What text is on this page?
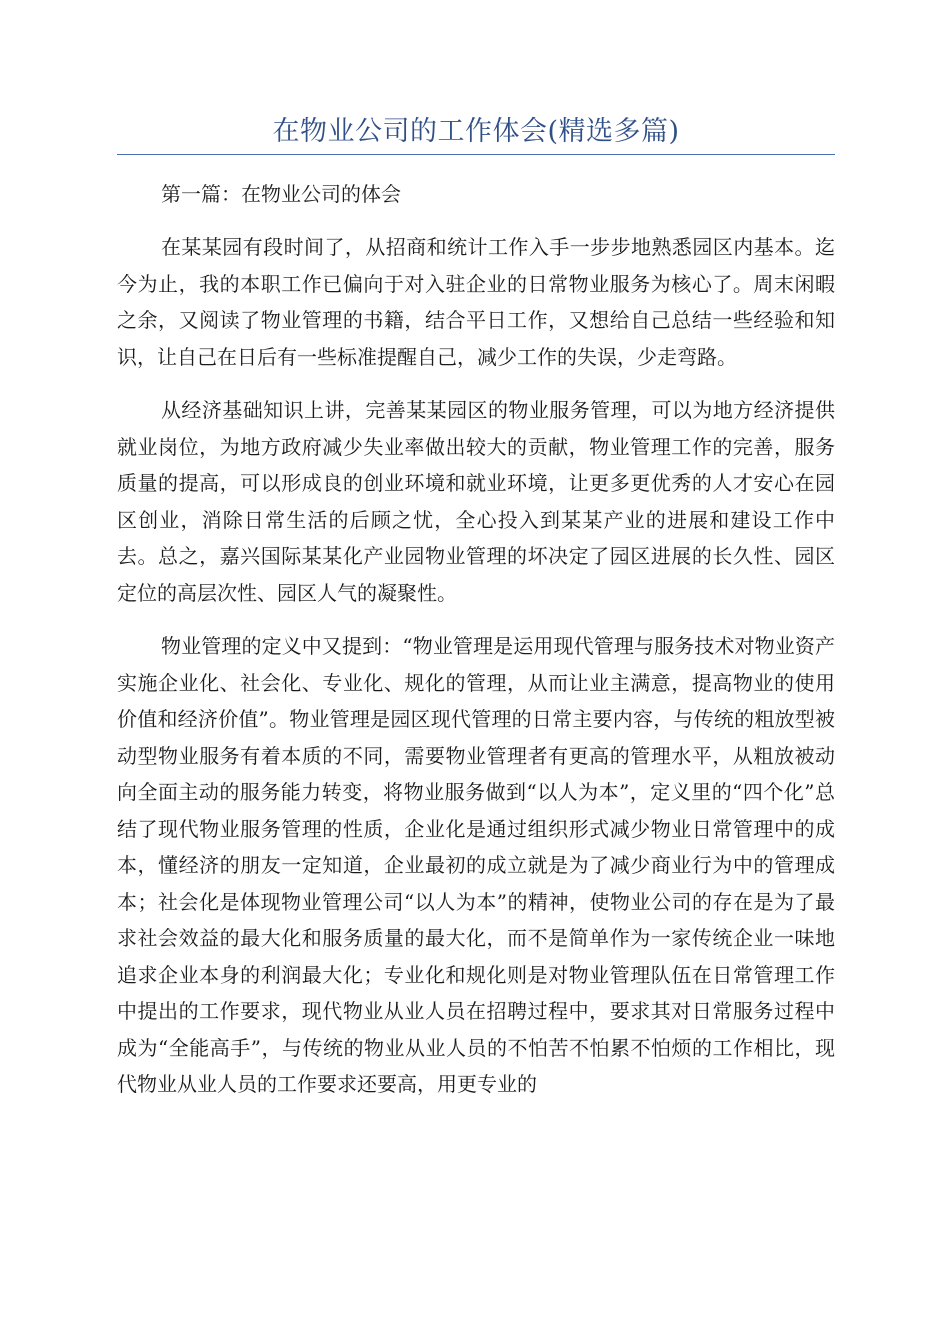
在物业公司的工作体会(精选多篇)

第一篇：在物业公司的体会

在某某园有段时间了，从招商和统计工作入手一步步地熟悉园区内基本。迄今为止，我的本职工作已偏向于对入驻企业的日常物业服务为核心了。周末闲暇之余，又阅读了物业管理的书籍，结合平日工作，又想给自己总结一些经验和知识，让自己在日后有一些标准提醒自己，减少工作的失误，少走弯路。

从经济基础知识上讲，完善某某园区的物业服务管理，可以为地方经济提供就业岗位，为地方政府减少失业率做出较大的贡献，物业管理工作的完善，服务质量的提高，可以形成良的创业环境和就业环境，让更多更优秀的人才安心在园区创业，消除日常生活的后顾之忧，全心投入到某某产业的进展和建设工作中去。总之，嘉兴国际某某化产业园物业管理的坏决定了园区进展的长久性、园区定位的高层次性、园区人气的凝聚性。

物业管理的定义中又提到：“物业管理是运用现代管理与服务技术对物业资产实施企业化、社会化、专业化、规化的管理，从而让业主满意，提高物业的使用价值和经济价值”。物业管理是园区现代管理的日常主要内容，与传统的粗放型被动型物业服务有着本质的不同，需要物业管理者有更高的管理水平，从粗放被动向全面主动的服务能力转变，将物业服务做到“以人为本”，定义里的“四个化”总结了现代物业服务管理的性质，企业化是通过组织形式减少物业日常管理中的成本，懂经济的朋友一定知道，企业最初的成立就是为了减少商业行为中的管理成本；社会化是体现物业管理公司“以人为本”的精神，使物业公司的存在是为了最求社会效益的最大化和服务质量的最大化，而不是简单作为一家传统企业一味地追求企业本身的利润最大化；专业化和规化则是对物业管理队伍在日常管理工作中提出的工作要求，现代物业从业人员在招聘过程中，要求其对日常服务过程中成为“全能高手”，与传统的物业从业人员的不怕苦不怕累不怕烦的工作相比，现代物业从业人员的工作要求还要高，用更专业的
